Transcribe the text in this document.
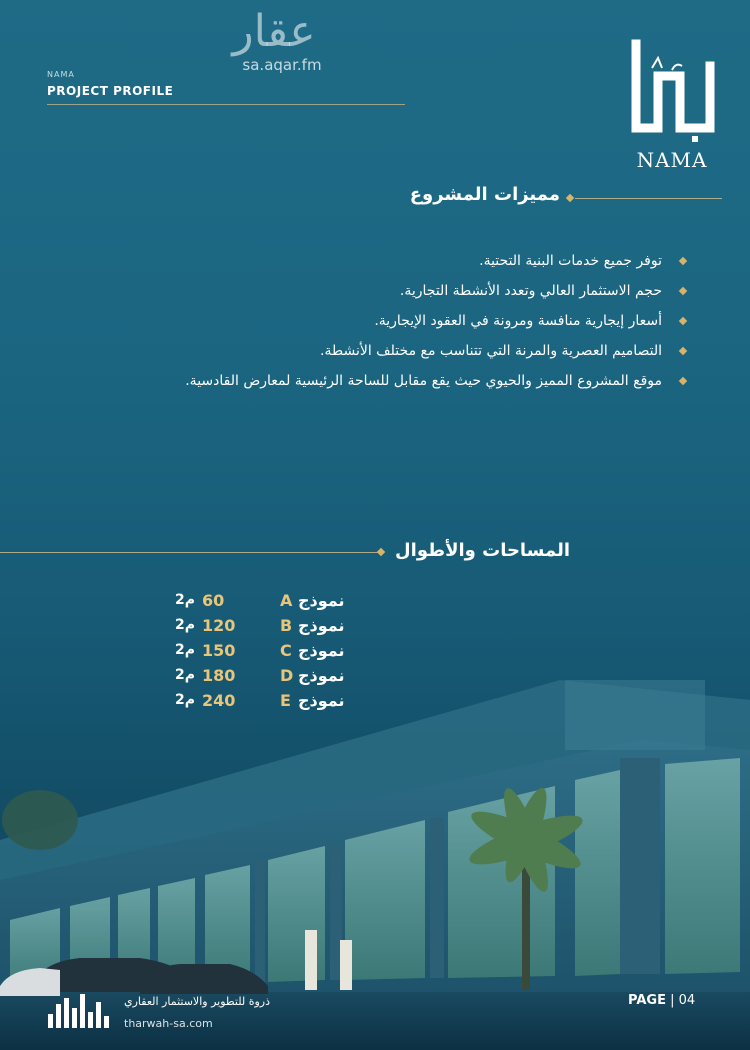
عقار
sa.aqar.fm
NAMA
PROJECT PROFILE
®
NAMA
مميزات المشروع
توفر جميع خدمات البنية التحتية.
حجم الاستثمار العالي وتعدد الأنشطة التجارية.
أسعار إيجارية منافسة ومرونة في العقود الإيجارية.
التصاميم العصرية والمرنة التي تتناسب مع مختلف الأنشطة.
موقع المشروع المميز والحيوي حيث يقع مقابل للساحة الرئيسية لمعارض القادسية.
المساحات والأطوال
م2 60	A نموذج
م2 120	B نموذج
م2 150	C نموذج
م2 180	D نموذج
م2 240	E نموذج
ذروة للتطوير والاستثمار العقاري
tharwah-sa.com
PAGE | 04
